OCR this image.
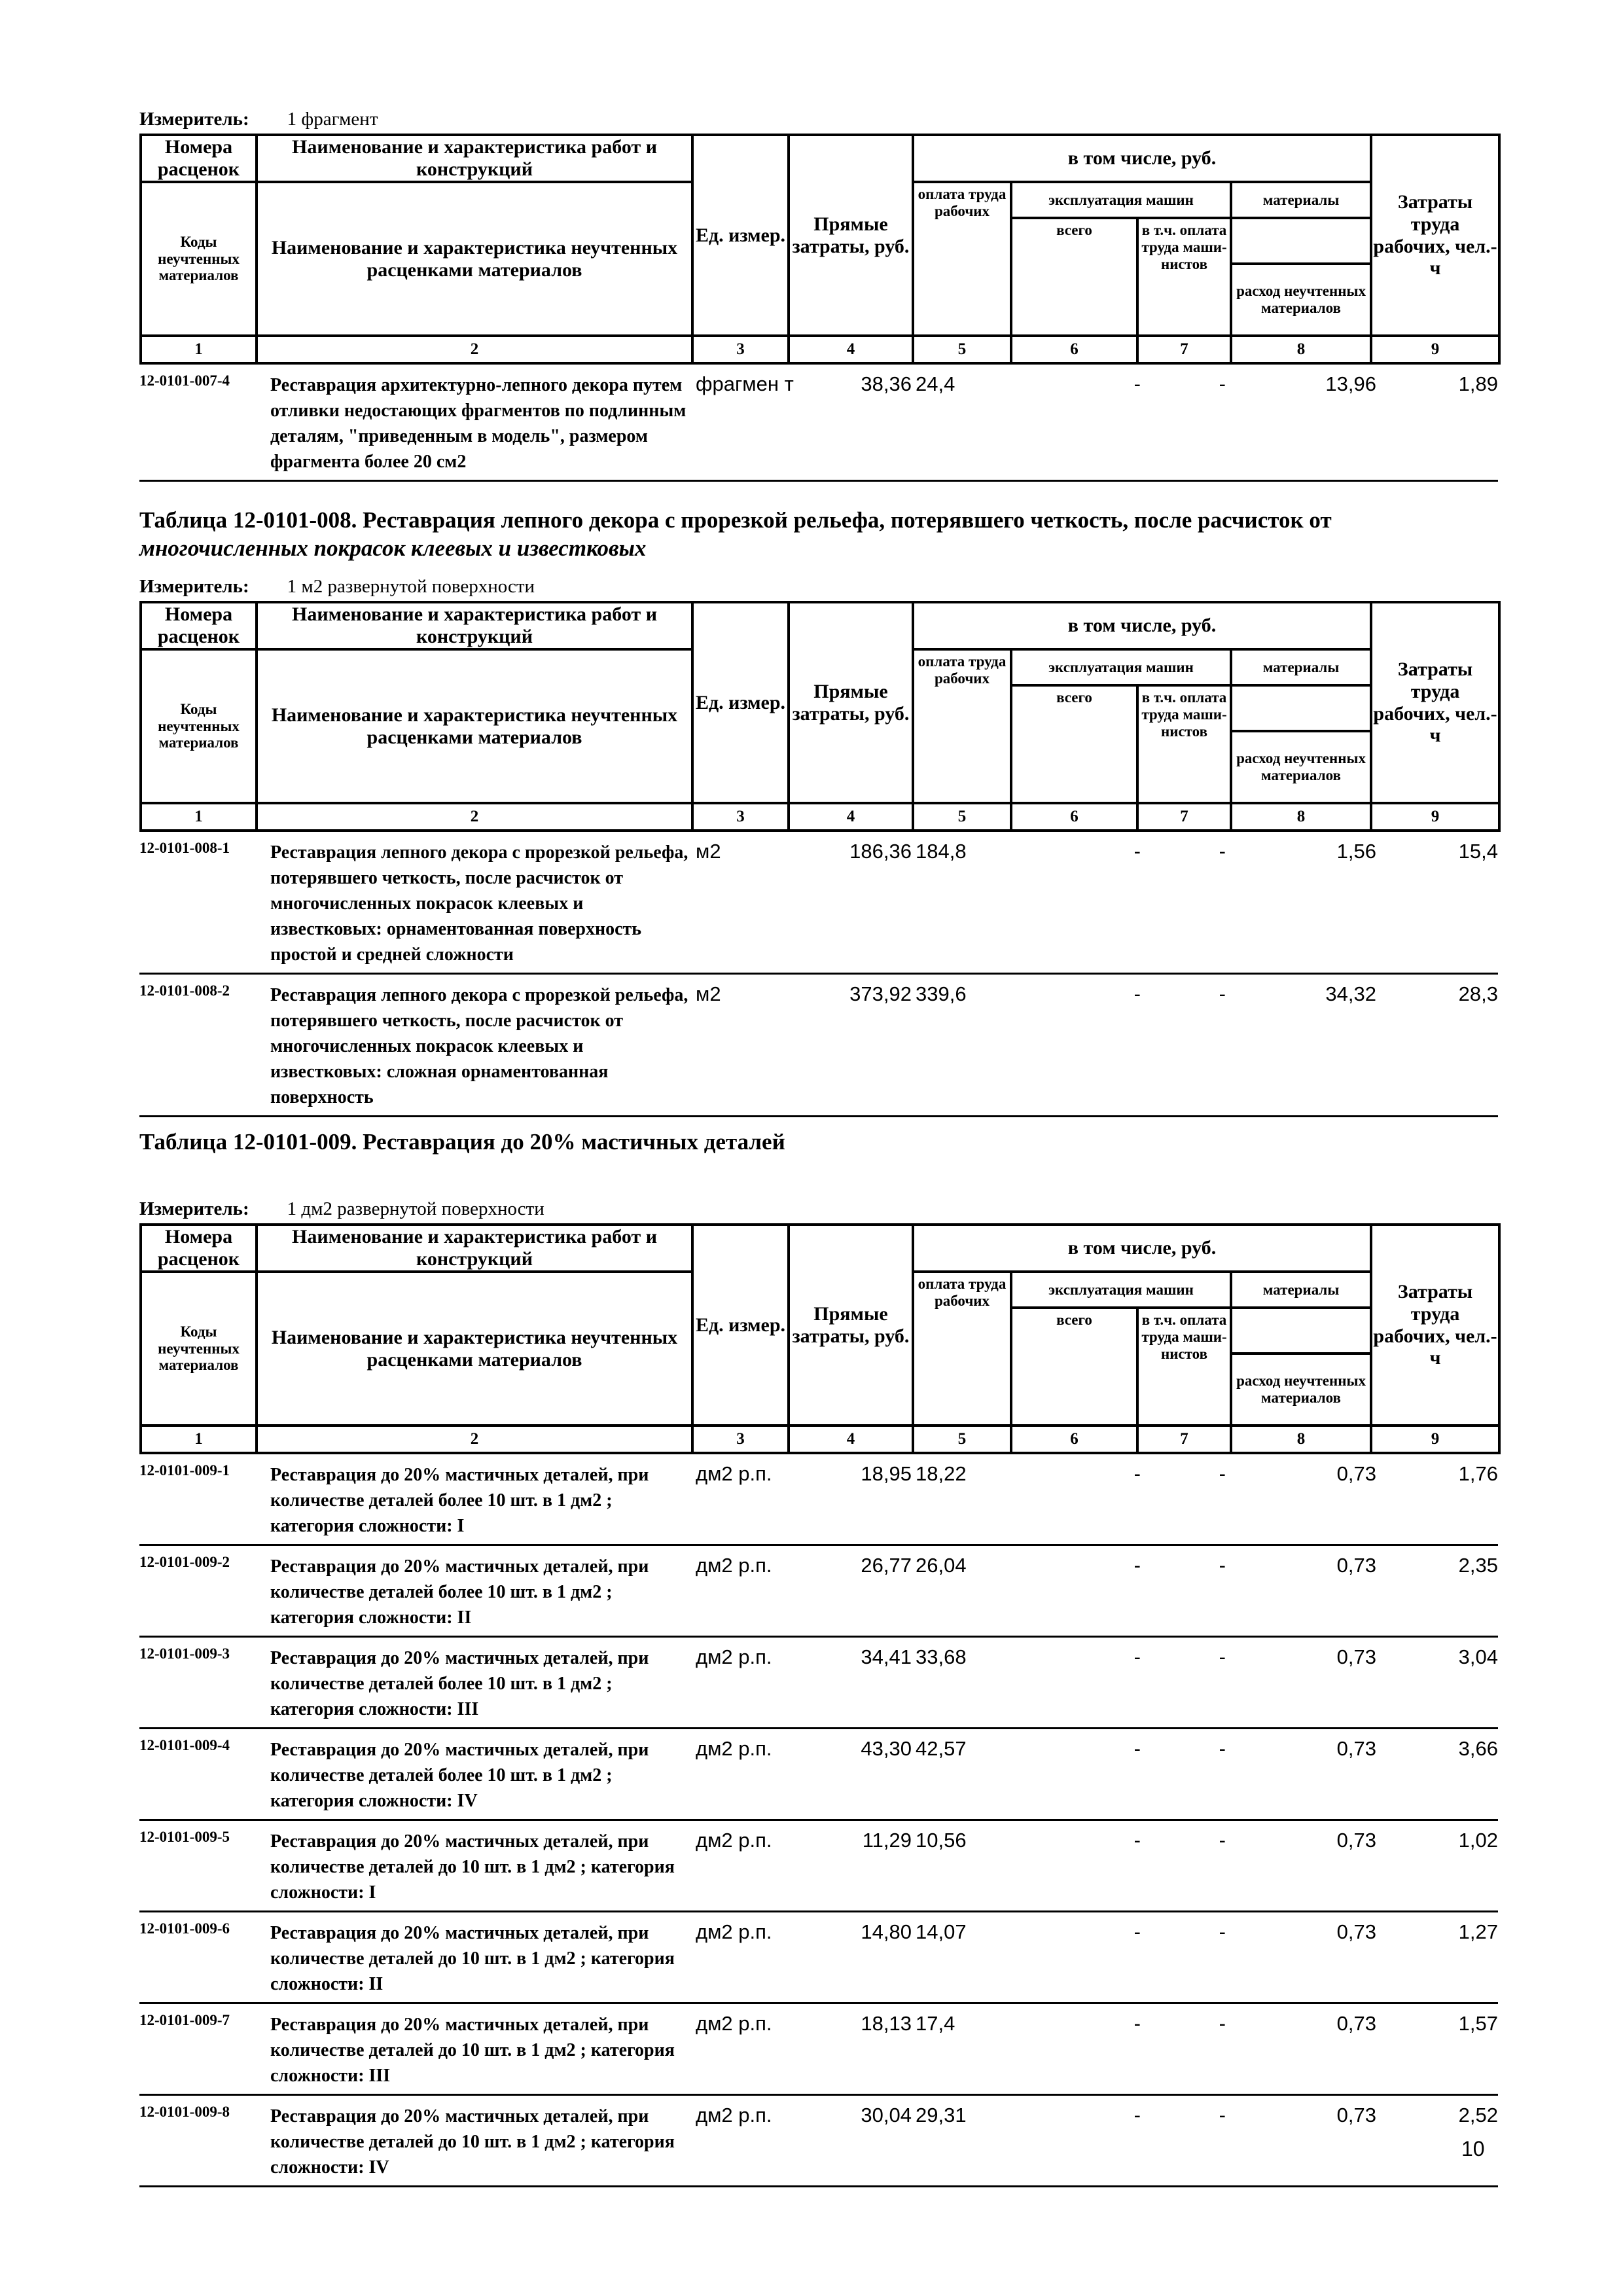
Измеритель: 1 фрагмент
Номера расценок	Наименование и характеристика работ и конструкций	Ед. измер.	Прямые затраты, руб.	в том числе, руб.				Затраты труда рабочих, чел.-ч
Коды неучтенных материалов	Наименование и характеристика неучтенных расценками материалов			оплата труда рабочих	эксплуатация машин		материалы	
					всего	в т.ч. оплата труда маши-нистов		

							расход неучтенных материалов	
1	2	3	4	5	6	7	8	9
12-0101-007-4	Реставрация архитектурно-лепного декора путем отливки недостающих фрагментов по подлинным деталям, "приведенным в модель", размером фрагмента более 20 см2	фрагмен т	38,36	24,4	-	-	13,96	1,89
Таблица 12-0101-008. Реставрация лепного декора с прорезкой рельефа, потерявшего четкость, после расчисток от
многочисленных покрасок клеевых и известковых
Измеритель: 1 м2 развернутой поверхности
Номера расценок	Наименование и характеристика работ и конструкций	Ед. измер.	Прямые затраты, руб.	в том числе, руб.				Затраты труда рабочих, чел.-ч
Коды неучтенных материалов	Наименование и характеристика неучтенных расценками материалов			оплата труда рабочих	эксплуатация машин		материалы	
					всего	в т.ч. оплата труда маши-нистов		

							расход неучтенных материалов	
1	2	3	4	5	6	7	8	9
12-0101-008-1	Реставрация лепного декора с прорезкой рельефа, потерявшего четкость, после расчисток от многочисленных покрасок клеевых и известковых: орнаментованная поверхность простой и средней сложности	м2	186,36	184,8	-	-	1,56	15,4
12-0101-008-2	Реставрация лепного декора с прорезкой рельефа, потерявшего четкость, после расчисток от многочисленных покрасок клеевых и известковых: сложная орнаментованная поверхность	м2	373,92	339,6	-	-	34,32	28,3
Таблица 12-0101-009. Реставрация до 20% мастичных деталей
Измеритель: 1 дм2 развернутой поверхности
Номера расценок	Наименование и характеристика работ и конструкций	Ед. измер.	Прямые затраты, руб.	в том числе, руб.				Затраты труда рабочих, чел.-ч
Коды неучтенных материалов	Наименование и характеристика неучтенных расценками материалов			оплата труда рабочих	эксплуатация машин		материалы	
					всего	в т.ч. оплата труда маши-нистов		

							расход неучтенных материалов	
1	2	3	4	5	6	7	8	9
12-0101-009-1	Реставрация до 20% мастичных деталей, при количестве деталей более 10 шт. в 1 дм2 ; категория сложности: I	дм2 р.п.	18,95	18,22	-	-	0,73	1,76
12-0101-009-2	Реставрация до 20% мастичных деталей, при количестве деталей более 10 шт. в 1 дм2 ; категория сложности: II	дм2 р.п.	26,77	26,04	-	-	0,73	2,35
12-0101-009-3	Реставрация до 20% мастичных деталей, при количестве деталей более 10 шт. в 1 дм2 ; категория сложности: III	дм2 р.п.	34,41	33,68	-	-	0,73	3,04
12-0101-009-4	Реставрация до 20% мастичных деталей, при количестве деталей более 10 шт. в 1 дм2 ; категория сложности: IV	дм2 р.п.	43,30	42,57	-	-	0,73	3,66
12-0101-009-5	Реставрация до 20% мастичных деталей, при количестве деталей до 10 шт. в 1 дм2 ; категория сложности: I	дм2 р.п.	11,29	10,56	-	-	0,73	1,02
12-0101-009-6	Реставрация до 20% мастичных деталей, при количестве деталей до 10 шт. в 1 дм2 ; категория сложности: II	дм2 р.п.	14,80	14,07	-	-	0,73	1,27
12-0101-009-7	Реставрация до 20% мастичных деталей, при количестве деталей до 10 шт. в 1 дм2 ; категория сложности: III	дм2 р.п.	18,13	17,4	-	-	0,73	1,57
12-0101-009-8	Реставрация до 20% мастичных деталей, при количестве деталей до 10 шт. в 1 дм2 ; категория сложности: IV	дм2 р.п.	30,04	29,31	-	-	0,73	2,52
10
